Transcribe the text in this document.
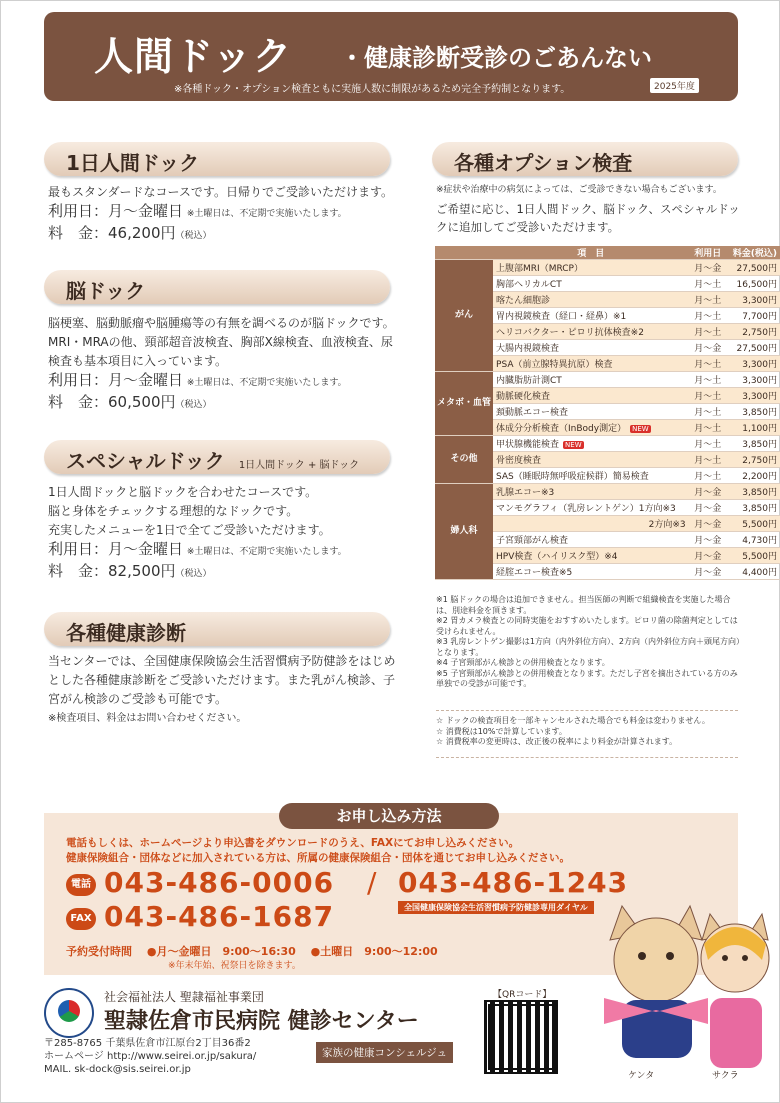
人間ドック ・健康診断受診のごあんない
※各種ドック・オプション検査ともに実施人数に制限があるため完全予約制となります。	2025年度
1日人間ドック
最もスタンダードなコースです。日帰りでご受診いただけます。
利用日：月～金曜日 ※土曜日は、不定期で実施いたします。
料　金：46,200円（税込）
脳ドック
脳梗塞、脳動脈瘤や脳腫瘍等の有無を調べるのが脳ドックです。MRI・MRAの他、頸部超音波検査、胸部X線検査、血液検査、尿検査も基本項目に入っています。
利用日：月～金曜日 ※土曜日は、不定期で実施いたします。
料　金：60,500円（税込）
スペシャルドック 1日人間ドック + 脳ドック
1日人間ドックと脳ドックを合わせたコースです。
脳と身体をチェックする理想的なドックです。
充実したメニューを1日で全てご受診いただけます。
利用日：月～金曜日 ※土曜日は、不定期で実施いたします。
料　金：82,500円（税込）
各種健康診断
当センターでは、全国健康保険協会生活習慣病予防健診をはじめとした各種健康診断をご受診いただけます。また乳がん検診、子宮がん検診のご受診も可能です。
※検査項目、料金はお問い合わせください。
各種オプション検査
※症状や治療中の病気によっては、ご受診できない場合もございます。
ご希望に応じ、1日人間ドック、脳ドック、スペシャルドックに追加してご受診いただけます。
	項　目	利用日	料金(税込)
がん	上腹部MRI（MRCP）	月～金	27,500円
	胸部ヘリカルCT	月～土	16,500円
	喀たん細胞診	月～土	3,300円
	胃内視鏡検査（経口・経鼻）※1	月～土	7,700円
	ヘリコバクター・ピロリ抗体検査※2	月～土	2,750円
	大腸内視鏡検査	月～金	27,500円
	PSA（前立腺特異抗原）検査	月～土	3,300円
メタボ・血管	内臓脂肪計測CT	月～土	3,300円
	動脈硬化検査	月～土	3,300円
	頚動脈エコー検査	月～土	3,850円
	体成分分析検査（InBody測定） NEW	月～土	1,100円
その他	甲状腺機能検査 NEW	月～土	3,850円
	骨密度検査	月～土	2,750円
	SAS（睡眠時無呼吸症候群）簡易検査	月～土	2,200円
婦人科	乳腺エコー※3	月～金	3,850円
	マンモグラフィ（乳房レントゲン）1方向※3	月～金	3,850円
	2方向※3	月～金	5,500円
	子宮頸部がん検査	月～金	4,730円
	HPV検査（ハイリスク型）※4	月～金	5,500円
	経腟エコー検査※5	月～金	4,400円
※1 脳ドックの場合は追加できません。担当医師の判断で組織検査を実施した場合は、別途料金を頂きます。
※2 胃カメラ検査との同時実施をおすすめいたします。ピロリ菌の除菌判定としては受けられません。
※3 乳房レントゲン撮影は1方向（内外斜位方向）、2方向（内外斜位方向＋頭尾方向）となります。
※4 子宮頸部がん検診との併用検査となります。
※5 子宮頸部がん検診との併用検査となります。ただし子宮を摘出されている方のみ単独での受診が可能です。
☆ ドックの検査項目を一部キャンセルされた場合でも料金は変わりません。
☆ 消費税は10%で計算しています。
☆ 消費税率の変更時は、改正後の税率により料金が計算されます。
お申し込み方法
電話もしくは、ホームページより申込書をダウンロードのうえ、FAXにてお申し込みください。
健康保険組合・団体などに加入されている方は、所属の健康保険組合・団体を通じてお申し込みください。
電話 043-486-0006 / 043-486-1243
全国健康保険協会生活習慣病予防健診専用ダイヤル
FAX 043-486-1687
予約受付時間　 ●月～金曜日　9:00～16:30　 ●土曜日　9:00～12:00
※年末年始、祝祭日を除きます。
社会福祉法人 聖隷福祉事業団
聖隷佐倉市民病院 健診センター
家族の健康コンシェルジュ
〒285-8765 千葉県佐倉市江原台2丁目36番2
ホームページ http://www.seirei.or.jp/sakura/
MAIL. sk-dock@sis.seirei.or.jp
【QRコード】
ケンタ	サクラ
